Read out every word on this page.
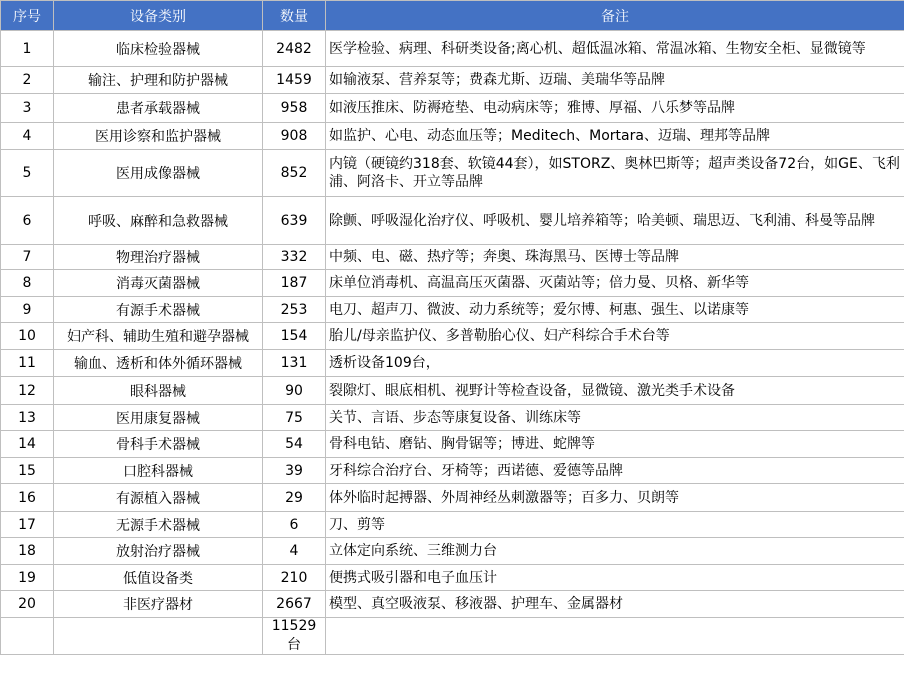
序号	设备类别	数量	备注
1	临床检验器械	2482	医学检验、病理、科研类设备;离心机、超低温冰箱、常温冰箱、生物安全柜、显微镜等
2	输注、护理和防护器械	1459	如输液泵、营养泵等；费森尤斯、迈瑞、美瑞华等品牌
3	患者承载器械	958	如液压推床、防褥疮垫、电动病床等；雅博、厚福、八乐梦等品牌
4	医用诊察和监护器械	908	如监护、心电、动态血压等；Meditech、Mortara、迈瑞、理邦等品牌
5	医用成像器械	852	内镜（硬镜约318套、软镜44套），如STORZ、奥林巴斯等；超声类设备72台，如GE、飞利浦、阿洛卡、开立等品牌
6	呼吸、麻醉和急救器械	639	除颤、呼吸湿化治疗仪、呼吸机、婴儿培养箱等；哈美顿、瑞思迈、飞利浦、科曼等品牌
7	物理治疗器械	332	中频、电、磁、热疗等；奔奥、珠海黑马、医博士等品牌
8	消毒灭菌器械	187	床单位消毒机、高温高压灭菌器、灭菌站等；倍力曼、贝格、新华等
9	有源手术器械	253	电刀、超声刀、微波、动力系统等；爱尔博、柯惠、强生、以诺康等
10	妇产科、辅助生殖和避孕器械	154	胎儿/母亲监护仪、多普勒胎心仪、妇产科综合手术台等
11	输血、透析和体外循环器械	131	透析设备109台，
12	眼科器械	90	裂隙灯、眼底相机、视野计等检查设备，显微镜、激光类手术设备
13	医用康复器械	75	关节、言语、步态等康复设备、训练床等
14	骨科手术器械	54	骨科电钻、磨钻、胸骨锯等；博进、蛇牌等
15	口腔科器械	39	牙科综合治疗台、牙椅等；西诺德、爱德等品牌
16	有源植入器械	29	体外临时起搏器、外周神经丛刺激器等；百多力、贝朗等
17	无源手术器械	6	刀、剪等
18	放射治疗器械	4	立体定向系统、三维测力台
19	低值设备类	210	便携式吸引器和电子血压计
20	非医疗器材	2667	模型、真空吸液泵、移液器、护理车、金属器材
		11529台	
